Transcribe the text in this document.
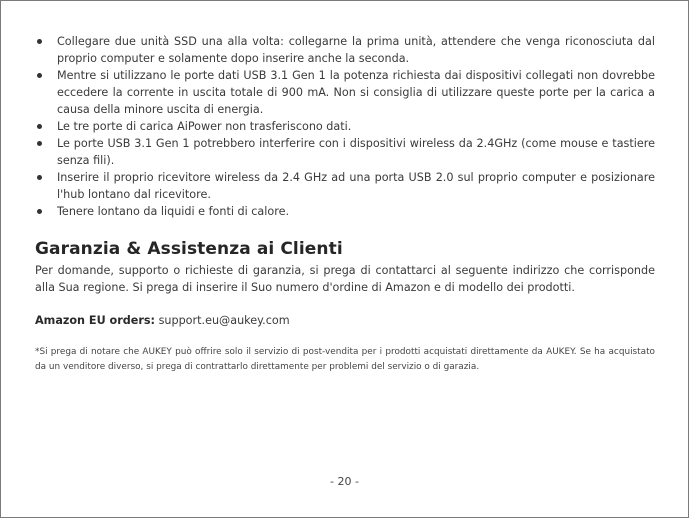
Collegare due unità SSD una alla volta: collegarne la prima unità, attendere che venga riconosciuta dal proprio computer e solamente dopo inserire anche la seconda.
Mentre si utilizzano le porte dati USB 3.1 Gen 1 la potenza richiesta dai dispositivi collegati non dovrebbe eccedere la corrente in uscita totale di 900 mA. Non si consiglia di utilizzare queste porte per la carica a causa della minore uscita di energia.
Le tre porte di carica AiPower non trasferiscono dati.
Le porte USB 3.1 Gen 1 potrebbero interferire con i dispositivi wireless da 2.4GHz (come mouse e tastiere senza fili).
Inserire il proprio ricevitore wireless da 2.4 GHz ad una porta USB 2.0 sul proprio computer e posizionare l'hub lontano dal ricevitore.
Tenere lontano da liquidi e fonti di calore.
Garanzia & Assistenza ai Clienti

Per domande, supporto o richieste di garanzia, si prega di contattarci al seguente indirizzo che corrisponde alla Sua regione. Si prega di inserire il Suo numero d'ordine di Amazon e di modello dei prodotti.

Amazon EU orders: support.eu@aukey.com

*Si prega di notare che AUKEY può offrire solo il servizio di post-vendita per i prodotti acquistati direttamente da AUKEY. Se ha acquistato da un venditore diverso, si prega di contrattarlo direttamente per problemi del servizio o di garazia.

- 20 -
